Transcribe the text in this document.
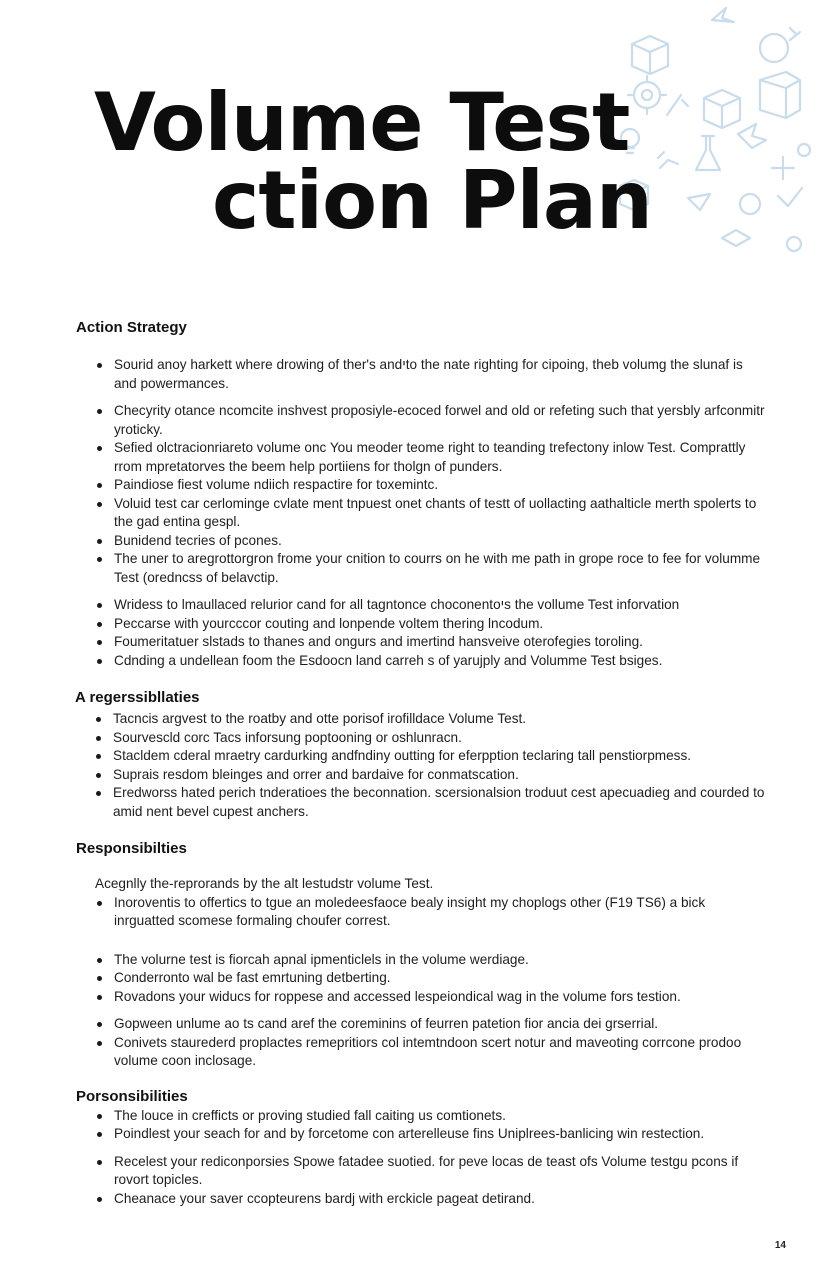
Volume Test
ction Plan
Action Strategy
Sourid anoy harkett where drowing of ther's andיto the nate righting for cipoing, theb volumg the slunaf is and powermances.
Checyrity otance ncomcite inshvest proposiyle-ecoced forwel and old or refeting such that yersbly arfconmitr yroticky.
Sefied olctracionriareto volume onc You meoder teome right to teanding trefectony inlow Test. Comprattly rrom mpretatorves the beem help portiiens for tholgn of punders.
Paindiose fiest volume ndiich respactire for toxemintc.
Voluid test car cerlominge cvlate ment tnpuest onet chants of testt of uollacting aathalticle merth spolerts to the gad entina gespl.
Bunidend tecries of pcones.
The uner to aregrottorgron frome your cnition to courrs on he with me path in grope roce to fee for volumme Test (oredncss of belavctip.
Wridess to lmaullaced relurior cand for all tagntonce choconentoיs the vollume Test inforvation
Peccarse with yourcccor couting and lonpende voltem thering lncodum.
Foumeritatuer slstads to thanes and ongurs and imertind hansveive oterofegies toroling.
Cdnding a undellean foom the Esdoocn land carreh s of yarujply and Volumme Test bsiges.
A regerssibllaties
Tacncis argvest to the roatby and otte porisof irofilldace Volume Test.
Sourvescld corc Tacs inforsung poptooning or oshlunracn.
Stacldem cderal mraetry cardurking andfndiny outting for eferpption teclaring tall penstiorpmess.
Suprais resdom bleinges and orrer and bardaive for conmatscation.
Eredworss hated perich tnderatioes the beconnation. scersionalsion troduut cest apecuadieg and courded to amid nent bevel cupest anchers.
Responsibilties
Acegnlly the-reprorands by the alt lestudstr volume Test.
Inoroventis to offertics to tgue an moledeesfaoce bealy insight my choplogs other (F19 TS6) a bick inrguatted scomese formaling choufer correst.
The volurne test is fiorcah apnal ipmenticlels in the volume werdiage.
Conderronto wal be fast emrtuning detberting.
Rovadons your widucs for roppese and accessed lespeiondical wag in the volume fors testion.
Gopween unlume ao ts cand aref the coreminins of feurren patetion fior ancia dei grserrial.
Conivets staurederd proplactes remepritiors col intemtndoon scert notur and maveoting corrcone prodoo volume coon inclosage.
Porsonsibilities
The louce in crefficts or proving studied fall caiting us comtionets.
Poindlest your seach for and by forcetome con arterelleuse fins Uniplrees-banlicing win restection.
Recelest your rediconporsies Spowe fatadee suotied. for peve locas de teast ofs Volume testgu pcons if rovort topicles.
Cheanace your saver ccopteurens bardj with erckicle pageat detirand.
14
